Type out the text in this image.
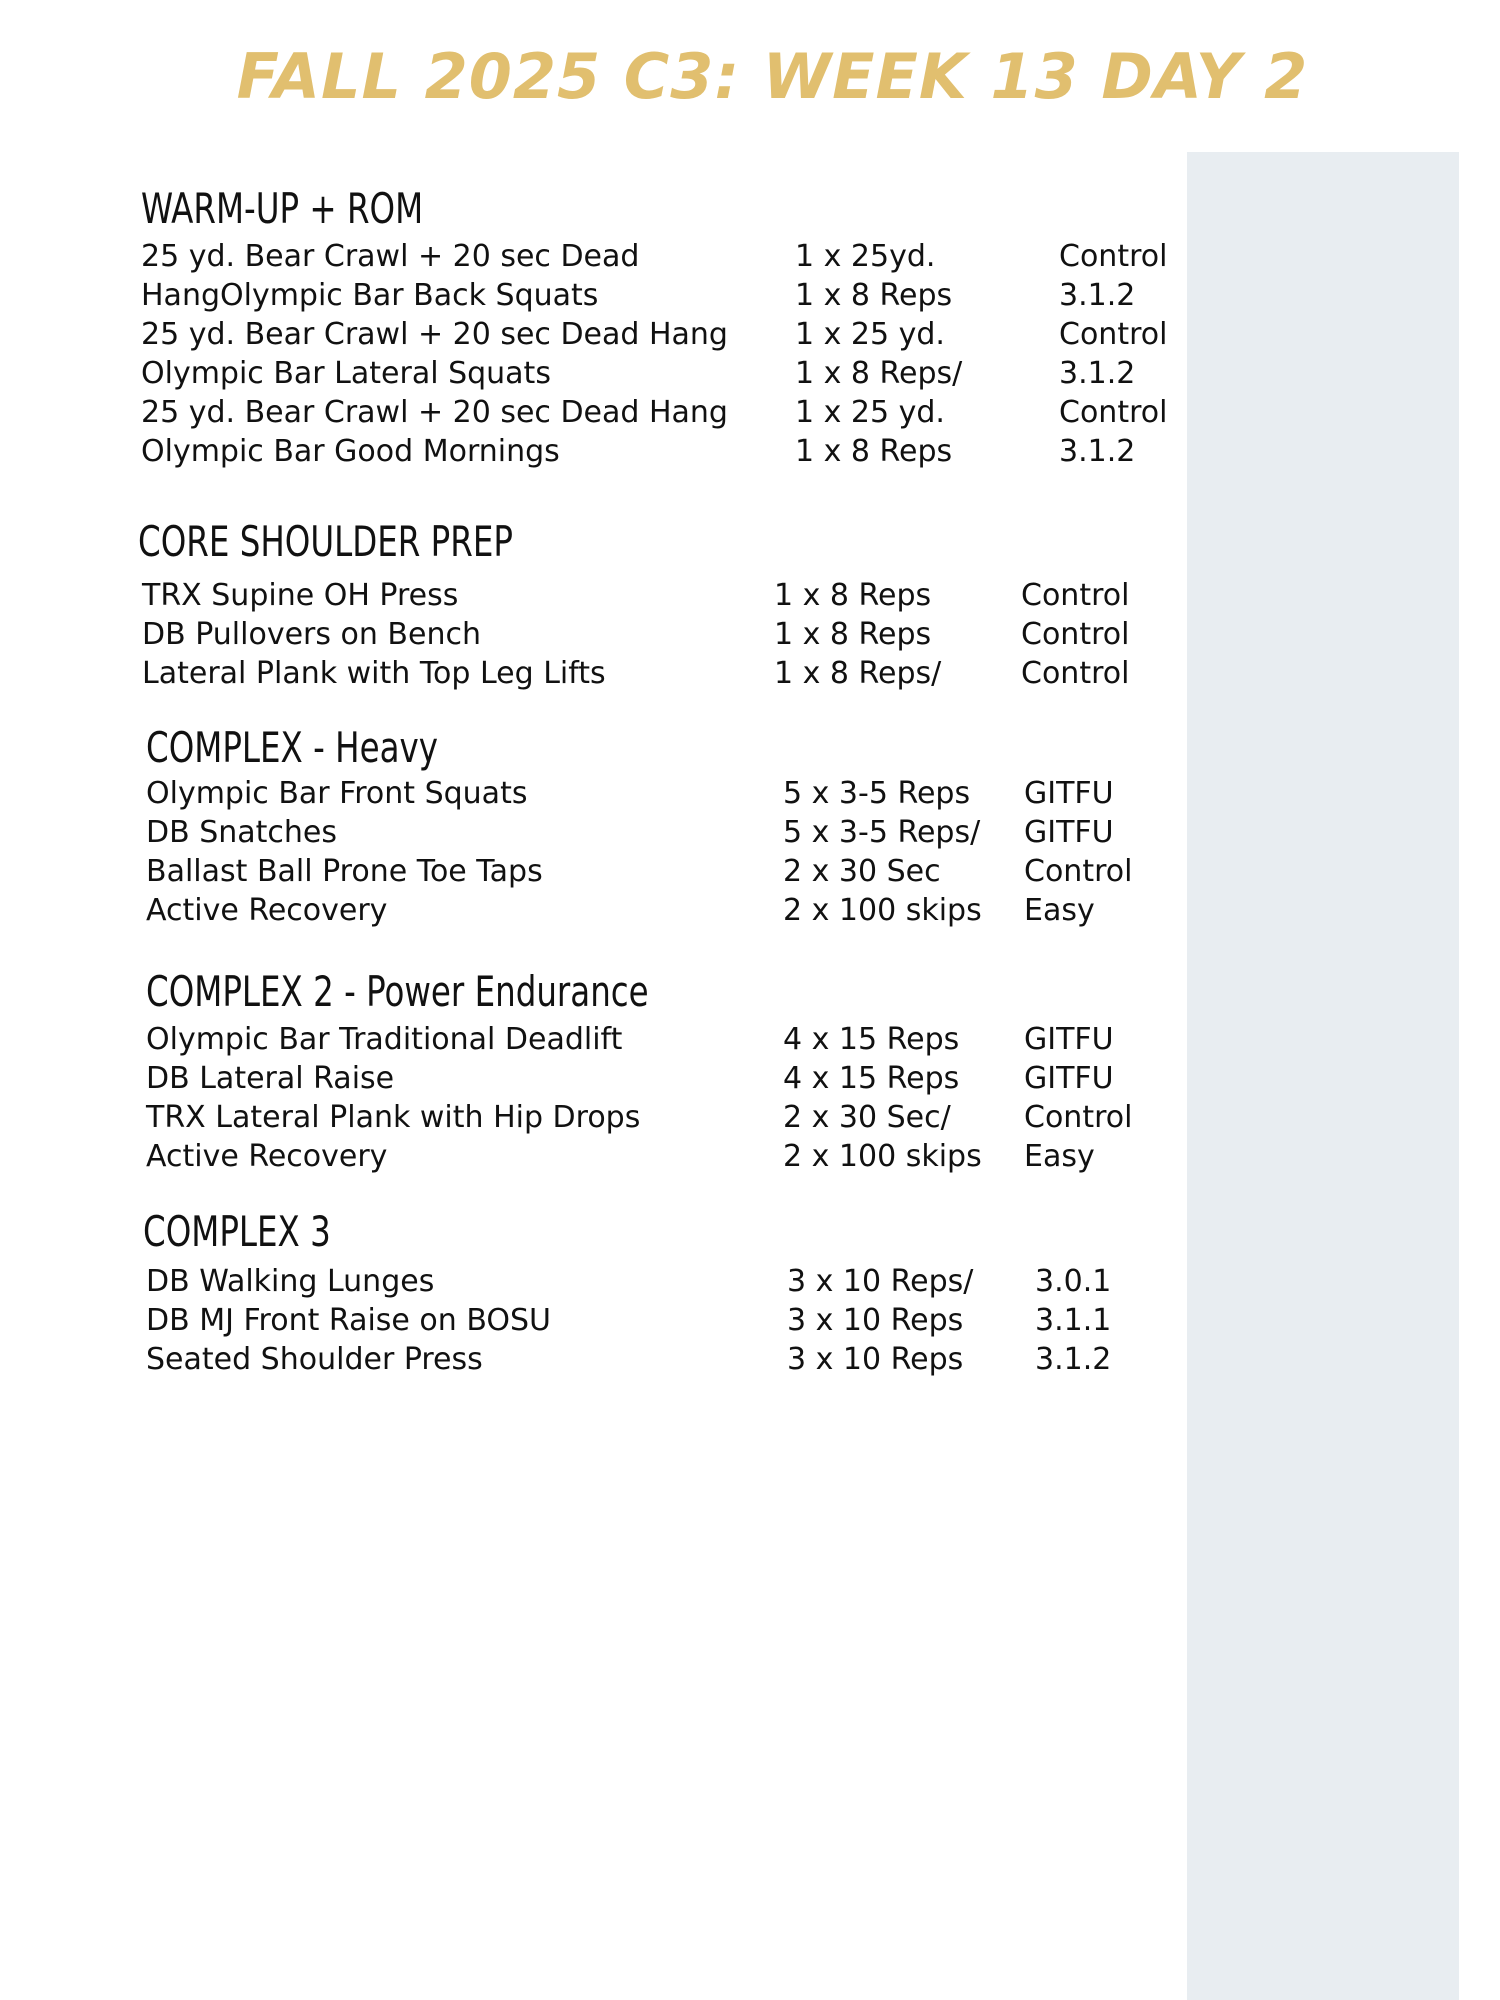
FALL 2025 C3: WEEK 13 DAY 2
WARM-UP + ROM
25 yd. Bear Crawl + 20 sec Dead	1 x 25yd.	Control
HangOlympic Bar Back Squats	1 x 8 Reps	3.1.2
25 yd. Bear Crawl + 20 sec Dead Hang 1 x 25 yd.	Control
Olympic Bar Lateral Squats	1 x 8 Reps/	3.1.2
25 yd. Bear Crawl + 20 sec Dead Hang 1 x 25 yd.	Control
Olympic Bar Good Mornings	1 x 8 Reps	3.1.2
CORE SHOULDER PREP
TRX Supine OH Press	1 x 8 Reps	Control
DB Pullovers on Bench	1 x 8 Reps	Control
Lateral Plank with Top Leg Lifts	1 x 8 Reps/	Control
COMPLEX - Heavy
Olympic Bar Front Squats	5 x 3-5 Reps GITFU
DB Snatches	5 x 3-5 Reps/ GITFU
Ballast Ball Prone Toe Taps	2 x 30 Sec	Control
Active Recovery	2 x 100 skips Easy
COMPLEX 2 - Power Endurance
Olympic Bar Traditional Deadlift	4 x 15 Reps GITFU
DB Lateral Raise	4 x 15 Reps GITFU
TRX Lateral Plank with Hip Drops	2 x 30 Sec/ Control
Active Recovery	2 x 100 skips Easy
COMPLEX 3
DB Walking Lunges	3 x 10 Reps/ 3.0.1
DB MJ Front Raise on BOSU	3 x 10 Reps 3.1.1
Seated Shoulder Press	3 x 10 Reps 3.1.2
